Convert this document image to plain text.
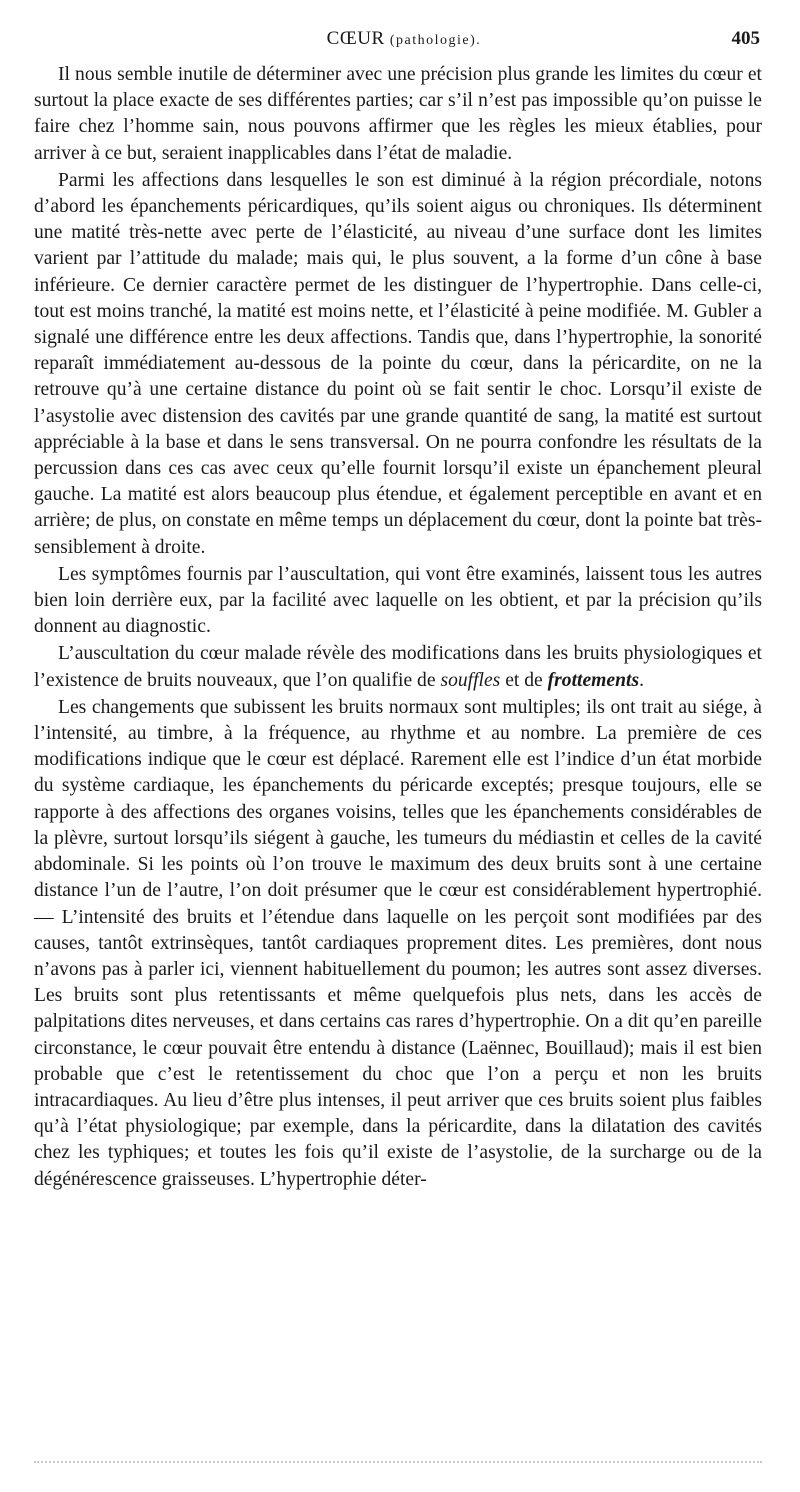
CŒUR (pathologie).	405

Il nous semble inutile de déterminer avec une précision plus grande les limites du cœur et surtout la place exacte de ses différentes parties; car s’il n’est pas impossible qu’on puisse le faire chez l’homme sain, nous pouvons affirmer que les règles les mieux établies, pour arriver à ce but, seraient inapplicables dans l’état de maladie.

Parmi les affections dans lesquelles le son est diminué à la région précordiale, notons d’abord les épanchements péricardiques, qu’ils soient aigus ou chroniques. Ils déterminent une matité très-nette avec perte de l’élasticité, au niveau d’une surface dont les limites varient par l’attitude du malade; mais qui, le plus souvent, a la forme d’un cône à base inférieure. Ce dernier caractère permet de les distinguer de l’hypertrophie. Dans celle-ci, tout est moins tranché, la matité est moins nette, et l’élasticité à peine modifiée. M. Gubler a signalé une différence entre les deux affections. Tandis que, dans l’hypertrophie, la sonorité reparaît immédiatement au-dessous de la pointe du cœur, dans la péricardite, on ne la retrouve qu’à une certaine distance du point où se fait sentir le choc. Lorsqu’il existe de l’asystolie avec distension des cavités par une grande quantité de sang, la matité est surtout appréciable à la base et dans le sens transversal. On ne pourra confondre les résultats de la percussion dans ces cas avec ceux qu’elle fournit lorsqu’il existe un épanchement pleural gauche. La matité est alors beaucoup plus étendue, et également perceptible en avant et en arrière; de plus, on constate en même temps un déplacement du cœur, dont la pointe bat très-sensiblement à droite.

Les symptômes fournis par l’auscultation, qui vont être examinés, laissent tous les autres bien loin derrière eux, par la facilité avec laquelle on les obtient, et par la précision qu’ils donnent au diagnostic.

L’auscultation du cœur malade révèle des modifications dans les bruits physiologiques et l’existence de bruits nouveaux, que l’on qualifie de souffles et de frottements.

Les changements que subissent les bruits normaux sont multiples; ils ont trait au siége, à l’intensité, au timbre, à la fréquence, au rhythme et au nombre. La première de ces modifications indique que le cœur est déplacé. Rarement elle est l’indice d’un état morbide du système cardiaque, les épanchements du péricarde exceptés; presque toujours, elle se rapporte à des affections des organes voisins, telles que les épanchements considérables de la plèvre, surtout lorsqu’ils siégent à gauche, les tumeurs du médiastin et celles de la cavité abdominale. Si les points où l’on trouve le maximum des deux bruits sont à une certaine distance l’un de l’autre, l’on doit présumer que le cœur est considérablement hypertrophié. — L’intensité des bruits et l’étendue dans laquelle on les perçoit sont modifiées par des causes, tantôt extrinsèques, tantôt cardiaques proprement dites. Les premières, dont nous n’avons pas à parler ici, viennent habituellement du poumon; les autres sont assez diverses. Les bruits sont plus retentissants et même quelquefois plus nets, dans les accès de palpitations dites nerveuses, et dans certains cas rares d’hypertrophie. On a dit qu’en pareille circonstance, le cœur pouvait être entendu à distance (Laënnec, Bouillaud); mais il est bien probable que c’est le retentissement du choc que l’on a perçu et non les bruits intracardiaques. Au lieu d’être plus intenses, il peut arriver que ces bruits soient plus faibles qu’à l’état physiologique; par exemple, dans la péricardite, dans la dilatation des cavités chez les typhiques; et toutes les fois qu’il existe de l’asystolie, de la surcharge ou de la dégénérescence graisseuses. L’hypertrophie déter-
